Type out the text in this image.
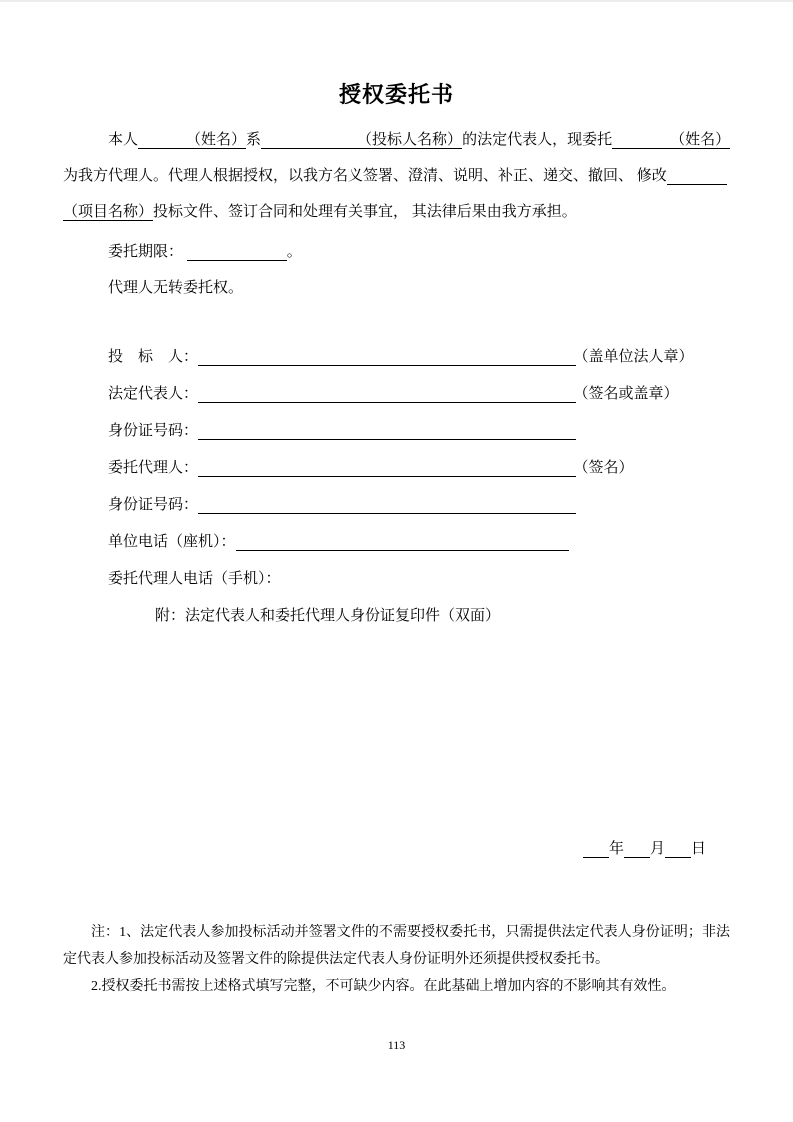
授权委托书
本人	（姓名）系	（投标人名称）的法定代表人，现委托	（姓名）
为我方代理人。代理人根据授权，以我方名义签署、澄清、说明、补正、递交、撤回、 修改
（项目名称）投标文件、签订合同和处理有关事宜， 其法律后果由我方承担。
委托期限：	。
代理人无转委托权。
投　标　人：	（盖单位法人章）
法定代表人：	（签名或盖章）
身份证号码：
委托代理人：	（签名）
身份证号码：
单位电话（座机）：
委托代理人电话（手机）：
附：法定代表人和委托代理人身份证复印件（双面）
年 月 日

注：1、法定代表人参加投标活动并签署文件的不需要授权委托书，只需提供法定代表人身份证明；非法定代表人参加投标活动及签署文件的除提供法定代表人身份证明外还须提供授权委托书。

2.授权委托书需按上述格式填写完整，不可缺少内容。在此基础上增加内容的不影响其有效性。

113
